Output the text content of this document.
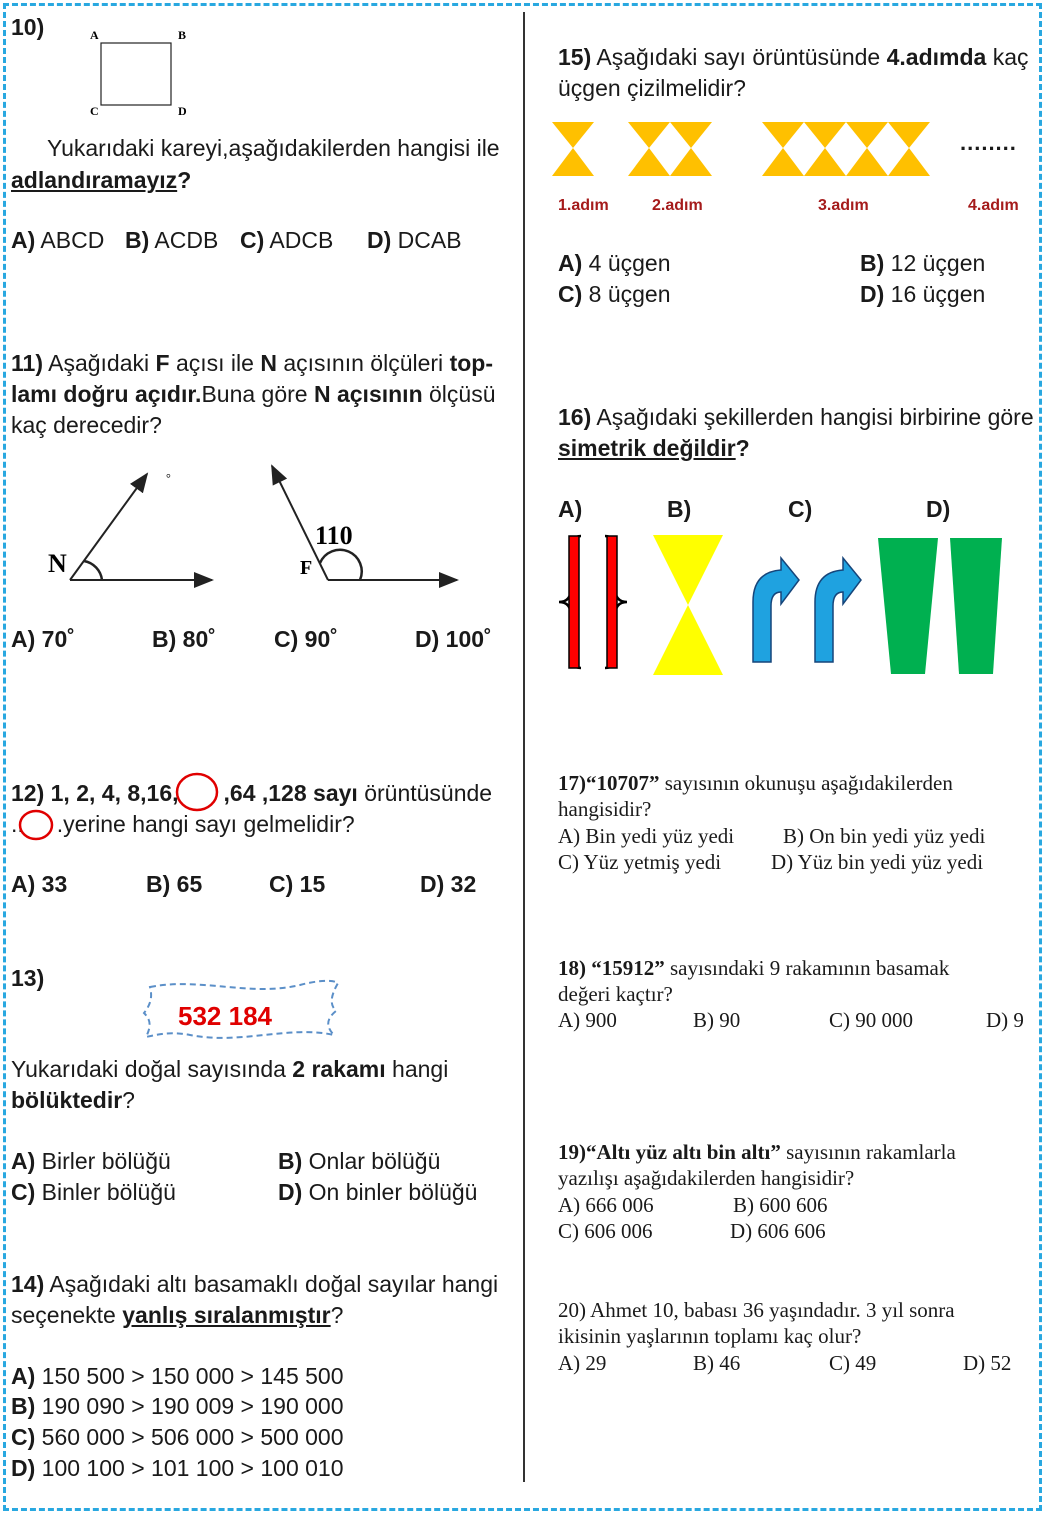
10)	A	B
C	D
Yukarıdaki kareyi,aşağıdakilerden hangisi ile
adlandıramayız?
A) ABCD B) ACDB C) ADCB D) DCAB
11) Aşağıdaki F açısı ile N açısının ölçüleri top-
lamı doğru açıdır.Buna göre N açısının ölçüsü
kaç derecedir?
N
°
F
110
A) 70˚	B) 80˚	C) 90˚	D) 100˚
12) 1, 2, 4, 8,16, ,64 ,128 sayı örüntüsünde
.. .yerine hangi sayı gelmelidir?
A) 33	B) 65	C) 15	D) 32
13)
532 184
Yukarıdaki doğal sayısında 2 rakamı hangi
bölüktedir?
A) Birler bölüğü	B) Onlar bölüğü
C) Binler bölüğü	D) On binler bölüğü
14) Aşağıdaki altı basamaklı doğal sayılar hangi
seçenekte yanlış sıralanmıştır?
A) 150 500 > 150 000 > 145 500
B) 190 090 > 190 009 > 190 000
C) 560 000 > 506 000 > 500 000
D) 100 100 > 101 100 > 100 010
15) Aşağıdaki sayı örüntüsünde 4.adımda kaç
üçgen çizilmelidir?
........
1.adım	2.adım	3.adım	4.adım
A) 4 üçgen	B) 12 üçgen
C) 8 üçgen	D) 16 üçgen
16) Aşağıdaki şekillerden hangisi birbirine göre
simetrik değildir?
A)	B)	C)	D)
17)“10707” sayısının okunuşu aşağıdakilerden
hangisidir?
A) Bin yedi yüz yedi B) On bin yedi yüz yedi
C) Yüz yetmiş yedi D) Yüz bin yedi yüz yedi
18) “15912” sayısındaki 9 rakamının basamak
değeri kaçtır?
A) 900	B) 90	C) 90 000	D) 9
19)“Altı yüz altı bin altı” sayısının rakamlarla
yazılışı aşağıdakilerden hangisidir?
A) 666 006	B) 600 606
C) 606 006	D) 606 606
20) Ahmet 10, babası 36 yaşındadır. 3 yıl sonra
ikisinin yaşlarının toplamı kaç olur?
A) 29	B) 46	C) 49	D) 52
